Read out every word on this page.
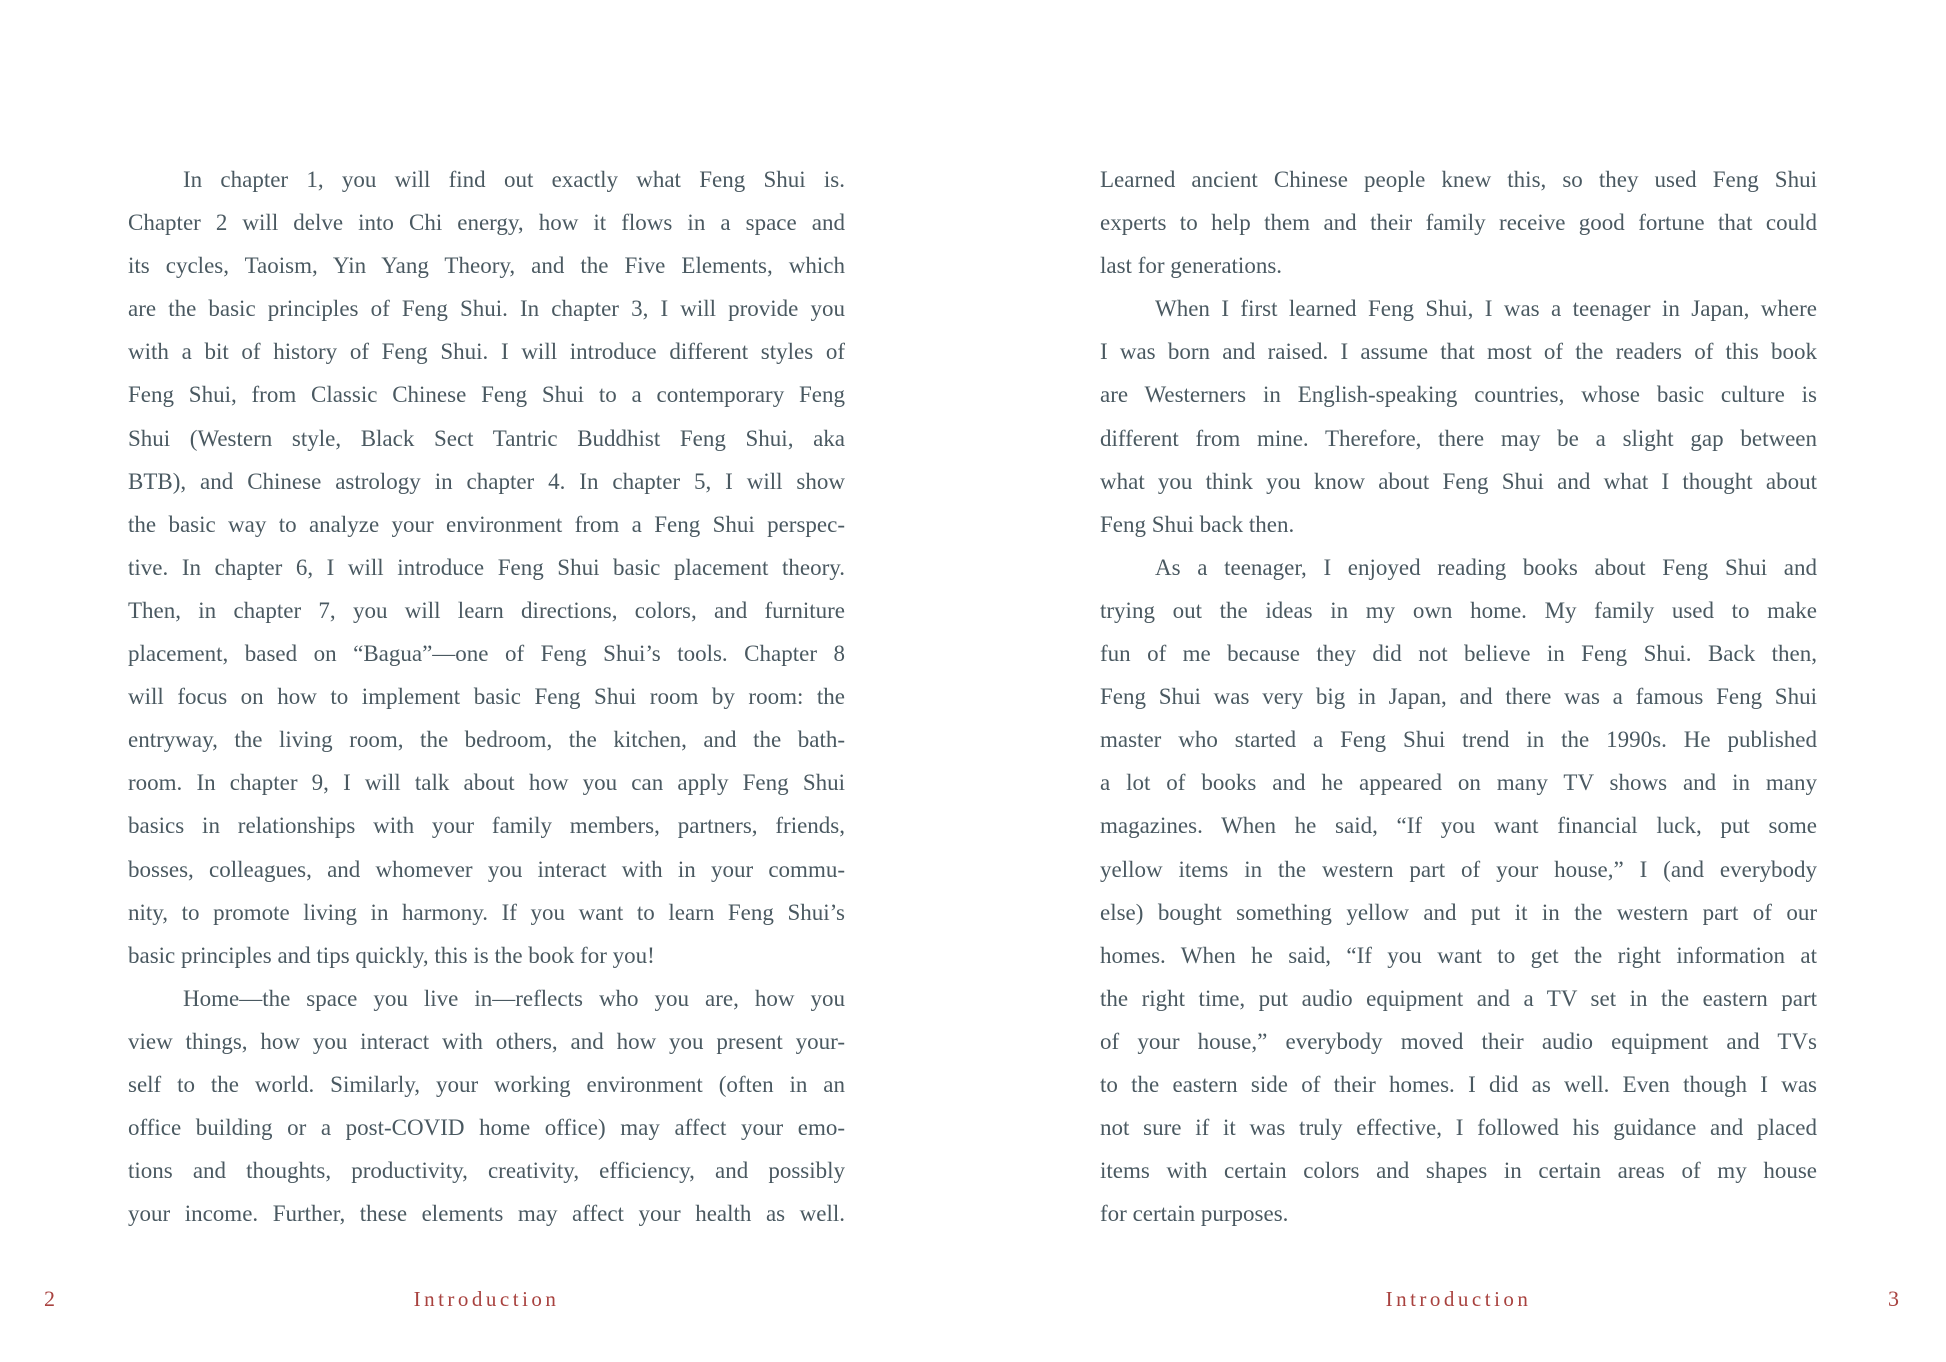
In chapter 1, you will find out exactly what Feng Shui is.
Chapter 2 will delve into Chi energy, how it flows in a space and
its cycles, Taoism, Yin Yang Theory, and the Five Elements, which
are the basic principles of Feng Shui. In chapter 3, I will provide you
with a bit of history of Feng Shui. I will introduce different styles of
Feng Shui, from Classic Chinese Feng Shui to a contemporary Feng
Shui (Western style, Black Sect Tantric Buddhist Feng Shui, aka
BTB), and Chinese astrology in chapter 4. In chapter 5, I will show
the basic way to analyze your environment from a Feng Shui perspec-
tive. In chapter 6, I will introduce Feng Shui basic placement theory.
Then, in chapter 7, you will learn directions, colors, and furniture
placement, based on “Bagua”—one of Feng Shui’s tools. Chapter 8
will focus on how to implement basic Feng Shui room by room: the
entryway, the living room, the bedroom, the kitchen, and the bath-
room. In chapter 9, I will talk about how you can apply Feng Shui
basics in relationships with your family members, partners, friends,
bosses, colleagues, and whomever you interact with in your commu-
nity, to promote living in harmony. If you want to learn Feng Shui’s
basic principles and tips quickly, this is the book for you!
Home—the space you live in—reflects who you are, how you
view things, how you interact with others, and how you present your-
self to the world. Similarly, your working environment (often in an
office building or a post-COVID home office) may affect your emo-
tions and thoughts, productivity, creativity, efficiency, and possibly
your income. Further, these elements may affect your health as well.
Learned ancient Chinese people knew this, so they used Feng Shui
experts to help them and their family receive good fortune that could
last for generations.
When I first learned Feng Shui, I was a teenager in Japan, where
I was born and raised. I assume that most of the readers of this book
are Westerners in English-speaking countries, whose basic culture is
different from mine. Therefore, there may be a slight gap between
what you think you know about Feng Shui and what I thought about
Feng Shui back then.
As a teenager, I enjoyed reading books about Feng Shui and
trying out the ideas in my own home. My family used to make
fun of me because they did not believe in Feng Shui. Back then,
Feng Shui was very big in Japan, and there was a famous Feng Shui
master who started a Feng Shui trend in the 1990s. He published
a lot of books and he appeared on many TV shows and in many
magazines. When he said, “If you want financial luck, put some
yellow items in the western part of your house,” I (and everybody
else) bought something yellow and put it in the western part of our
homes. When he said, “If you want to get the right information at
the right time, put audio equipment and a TV set in the eastern part
of your house,” everybody moved their audio equipment and TVs
to the eastern side of their homes. I did as well. Even though I was
not sure if it was truly effective, I followed his guidance and placed
items with certain colors and shapes in certain areas of my house
for certain purposes.
2	Introduction	Introduction	3
